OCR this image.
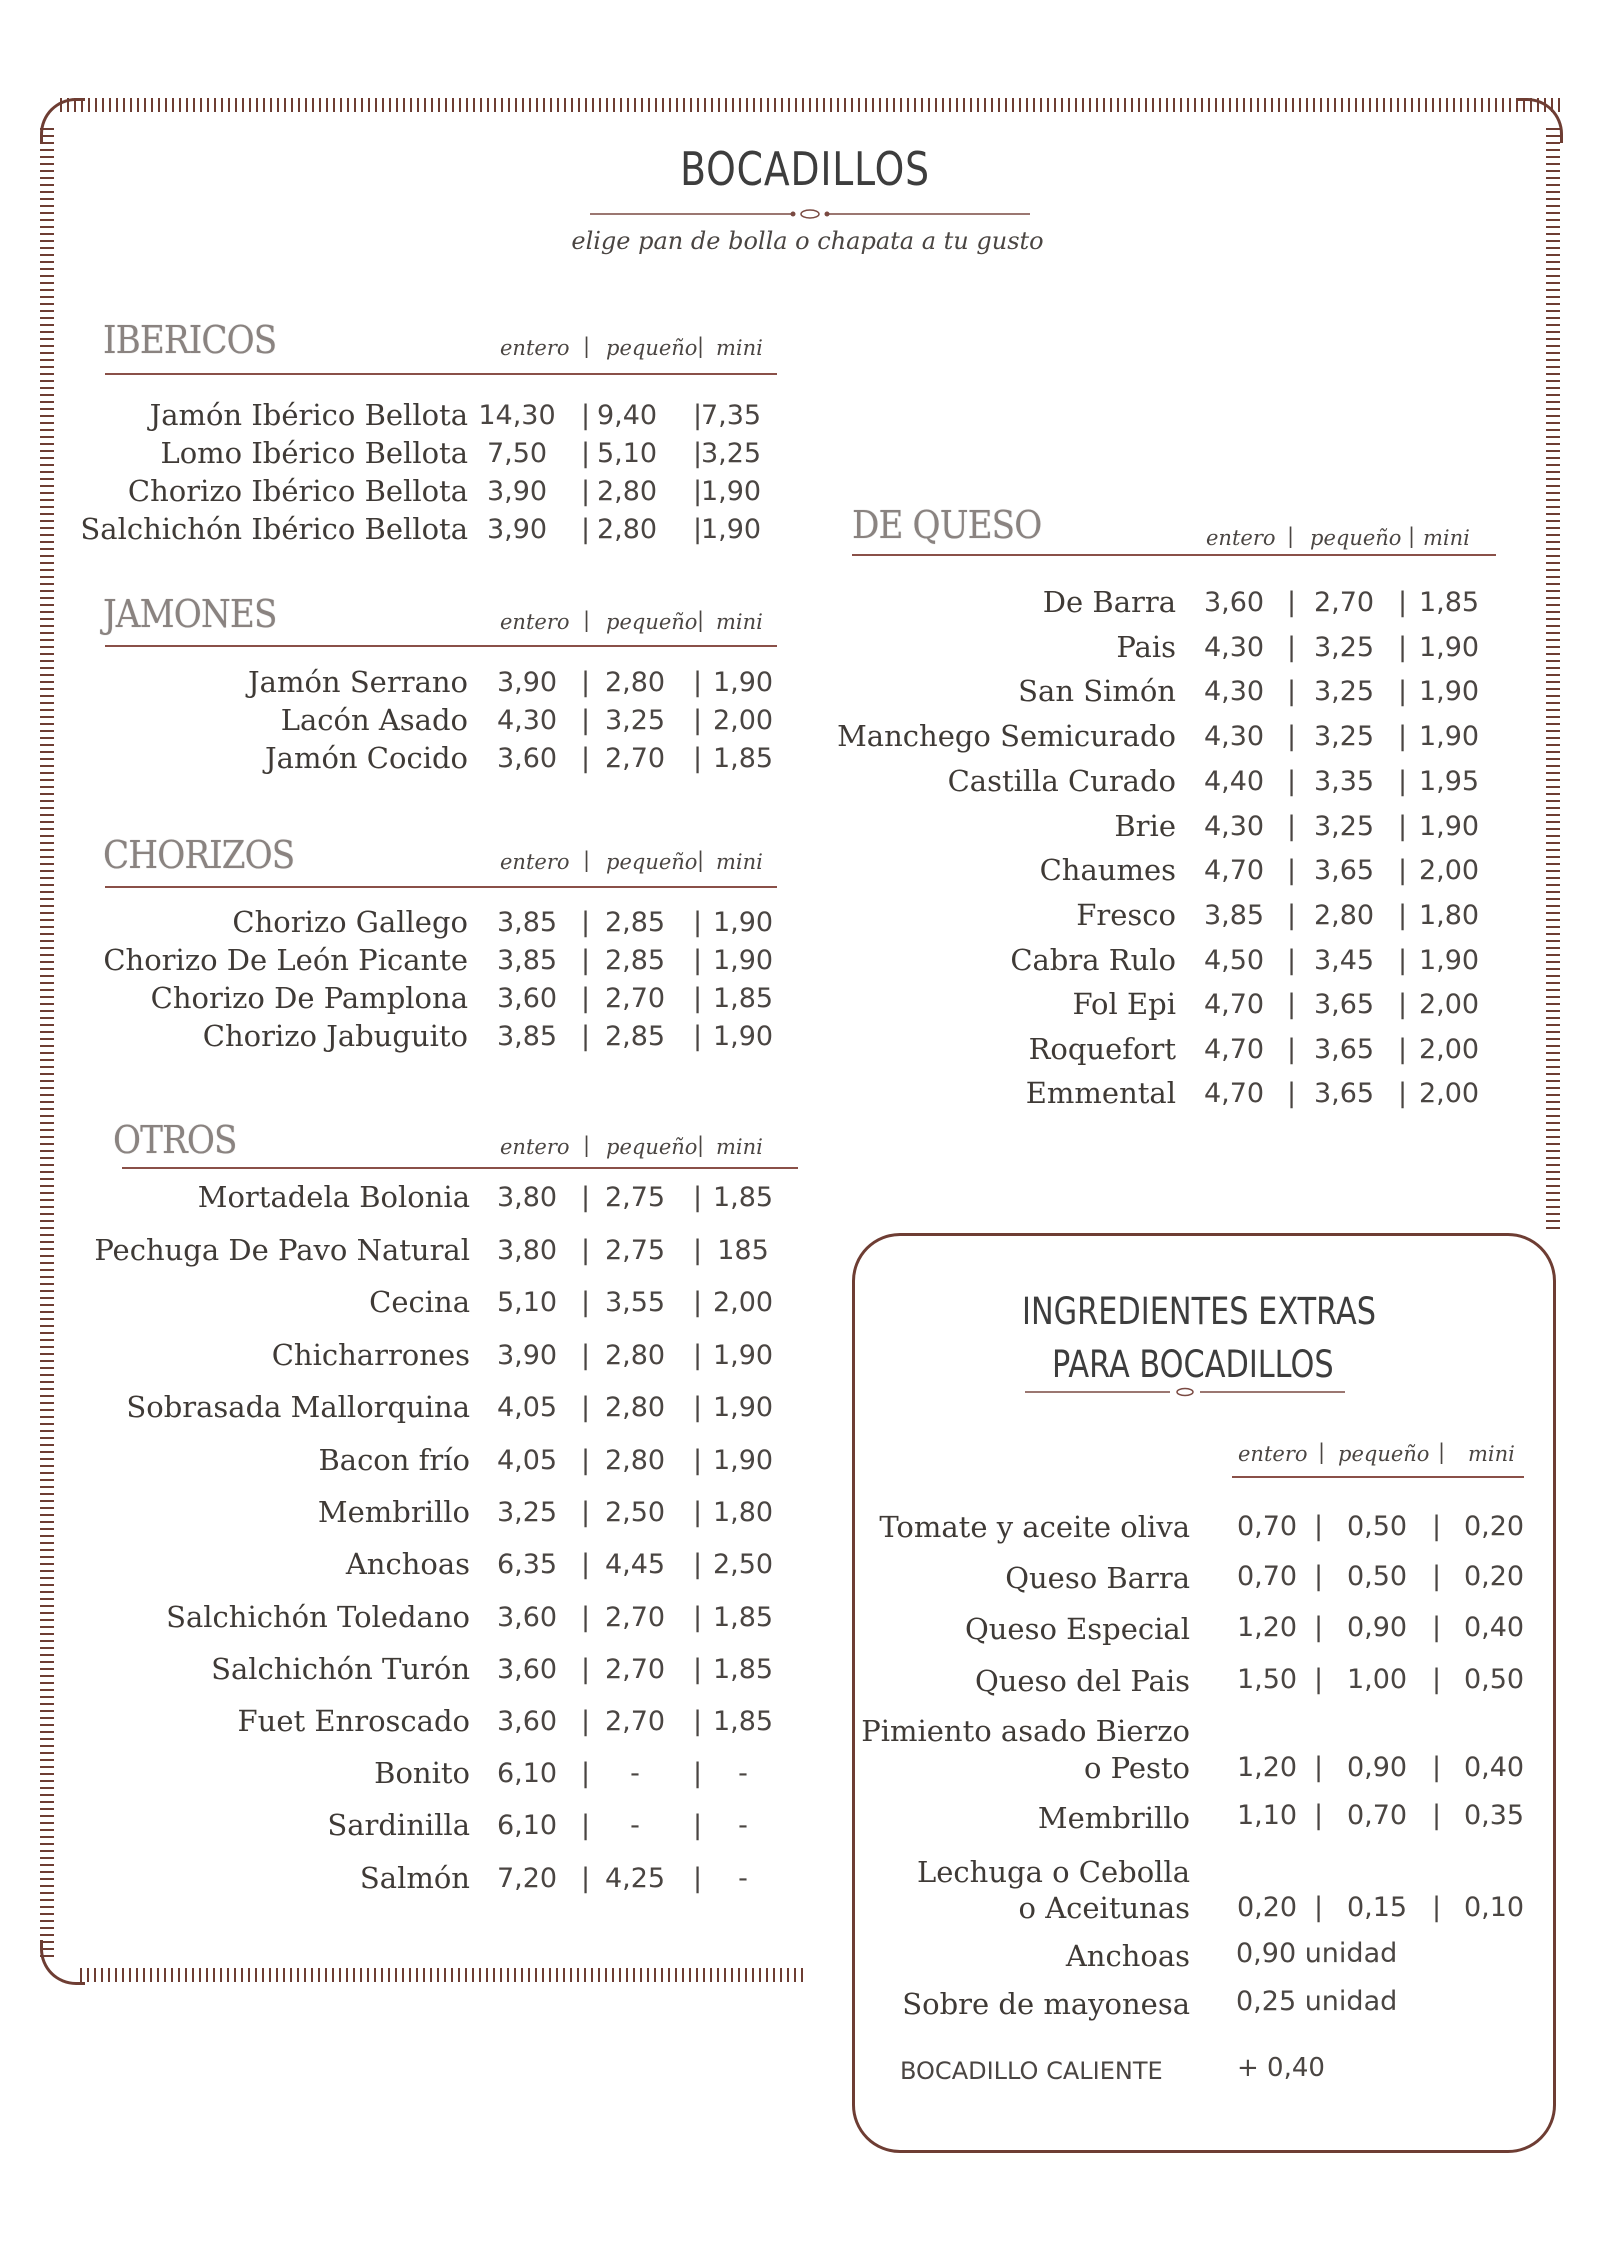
BOCADILLOS
elige pan de bolla o chapata a tu gusto
IBERICOS	entero pequeño mini
|	|
Jamón Ibérico Bellota 14,30	9,40	7,35
|	|
Lomo Ibérico Bellota 7,50	5,10	3,25
|	|
Chorizo Ibérico Bellota 3,90	2,80	1,90
|	|
Salchichón Ibérico Bellota 3,90	2,80	1,90
|	|
JAMONES	entero pequeño mini
|	|
Jamón Serrano	3,90	2,80	1,90
|	|
Lacón Asado	4,30	3,25	2,00
|	|
Jamón Cocido	3,60	2,70	1,85
|	|
CHORIZOS	entero pequeño mini
|	|
Chorizo Gallego	3,85	2,85	1,90
|	|
Chorizo De León Picante	3,85	2,85	1,90
|	|
Chorizo De Pamplona	3,60	2,70	1,85
|	|
Chorizo Jabuguito	3,85	2,85	1,90
|	|
OTROS	entero pequeño mini
|	|
Mortadela Bolonia 3,80	2,75	1,85
|	|
Pechuga De Pavo Natural 3,80	2,75	185
|	|
Cecina 5,10	3,55	2,00
|	|
Chicharrones 3,90	2,80	1,90
|	|
Sobrasada Mallorquina 4,05	2,80	1,90
|	|
Bacon frío 4,05	2,80	1,90
|	|
Membrillo 3,25	2,50	1,80
|	|
Anchoas 6,35	4,45	2,50
|	|
Salchichón Toledano 3,60	2,70	1,85
|	|
Salchichón Turón 3,60	2,70	1,85
|	|
Fuet Enroscado 3,60	2,70	1,85
|	|
Bonito 6,10	-	-
|	|
Sardinilla 6,10	-	-
|	|
Salmón 7,20	4,25	-
|	|
DE QUESO	entero pequeño mini
|	|
De Barra	3,60	2,70	1,85
|	|
Pais	4,30	3,25	1,90
|	|
San Simón	4,30	3,25	1,90
|	|
Manchego Semicurado	4,30	3,25	1,90
|	|
Castilla Curado	4,40	3,35	1,95
|	|
Brie	4,30	3,25	1,90
|	|
Chaumes	4,70	3,65	2,00
|	|
Fresco	3,85	2,80	1,80
|	|
Cabra Rulo	4,50	3,45	1,90
|	|
Fol Epi	4,70	3,65	2,00
|	|
Roquefort	4,70	3,65	2,00
|	|
Emmental	4,70	3,65	2,00
|	|
INGREDIENTES EXTRAS
PARA BOCADILLOS
entero pequeño mini
|	|
Tomate y aceite oliva	0,70	0,50	0,20
|	|
Queso Barra	0,70	0,50	0,20
|	|
Queso Especial	1,20	0,90	0,40
|	|
Queso del Pais	1,50	1,00	0,50
|	|
Pimiento asado Bierzo
o Pesto	1,20	0,90	0,40
|	|
Membrillo	1,10	0,70	0,35
|	|
Lechuga o Cebolla
o Aceitunas	0,20	0,15	0,10
|	|
Anchoas 0,90 unidad
Sobre de mayonesa 0,25 unidad
BOCADILLO CALIENTE	+ 0,40
